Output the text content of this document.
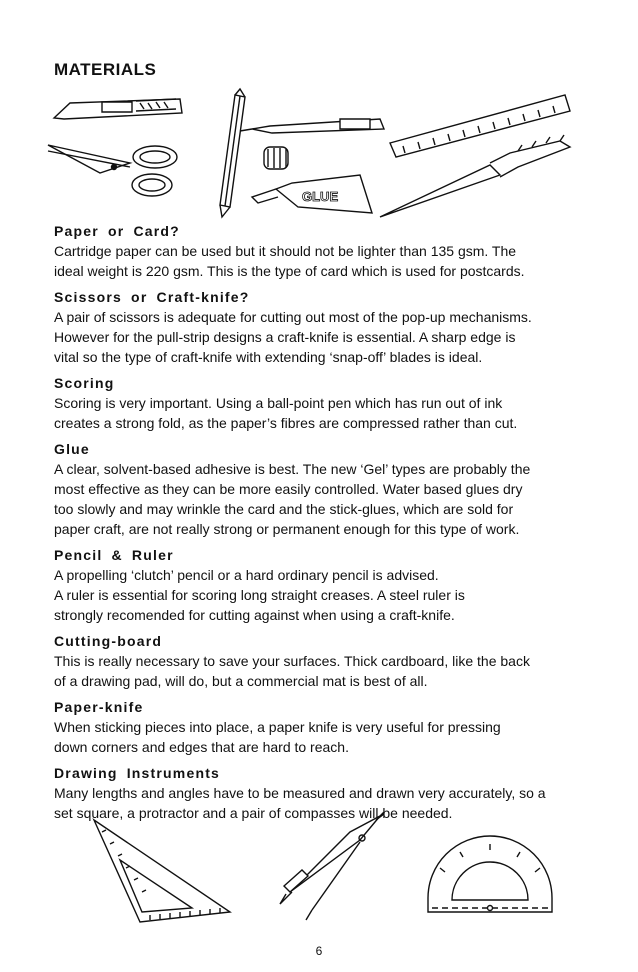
MATERIALS
GLUE

Paper or Card?

Cartridge paper can be used but it should not be lighter than 135 gsm. The
ideal weight is 220 gsm. This is the type of card which is used for postcards.

Scissors or Craft-knife?

A pair of scissors is adequate for cutting out most of the pop-up mechanisms.
However for the pull-strip designs a craft-knife is essential. A sharp edge is
vital so the type of craft-knife with extending ‘snap-off’ blades is ideal.

Scoring

Scoring is very important. Using a ball-point pen which has run out of ink
creates a strong fold, as the paper’s fibres are compressed rather than cut.

Glue

A clear, solvent-based adhesive is best. The new ‘Gel’ types are probably the
most effective as they can be more easily controlled. Water based glues dry
too slowly and may wrinkle the card and the stick-glues, which are sold for
paper craft, are not really strong or permanent enough for this type of work.

Pencil & Ruler

A propelling ‘clutch’ pencil or a hard ordinary pencil is advised.
A ruler is essential for scoring long straight creases. A steel ruler is
strongly recomended for cutting against when using a craft-knife.

Cutting-board

This is really necessary to save your surfaces. Thick cardboard, like the back
of a drawing pad, will do, but a commercial mat is best of all.

Paper-knife

When sticking pieces into place, a paper knife is very useful for pressing
down corners and edges that are hard to reach.

Drawing Instruments

Many lengths and angles have to be measured and drawn very accurately, so a
set square, a protractor and a pair of compasses will be needed.

6
